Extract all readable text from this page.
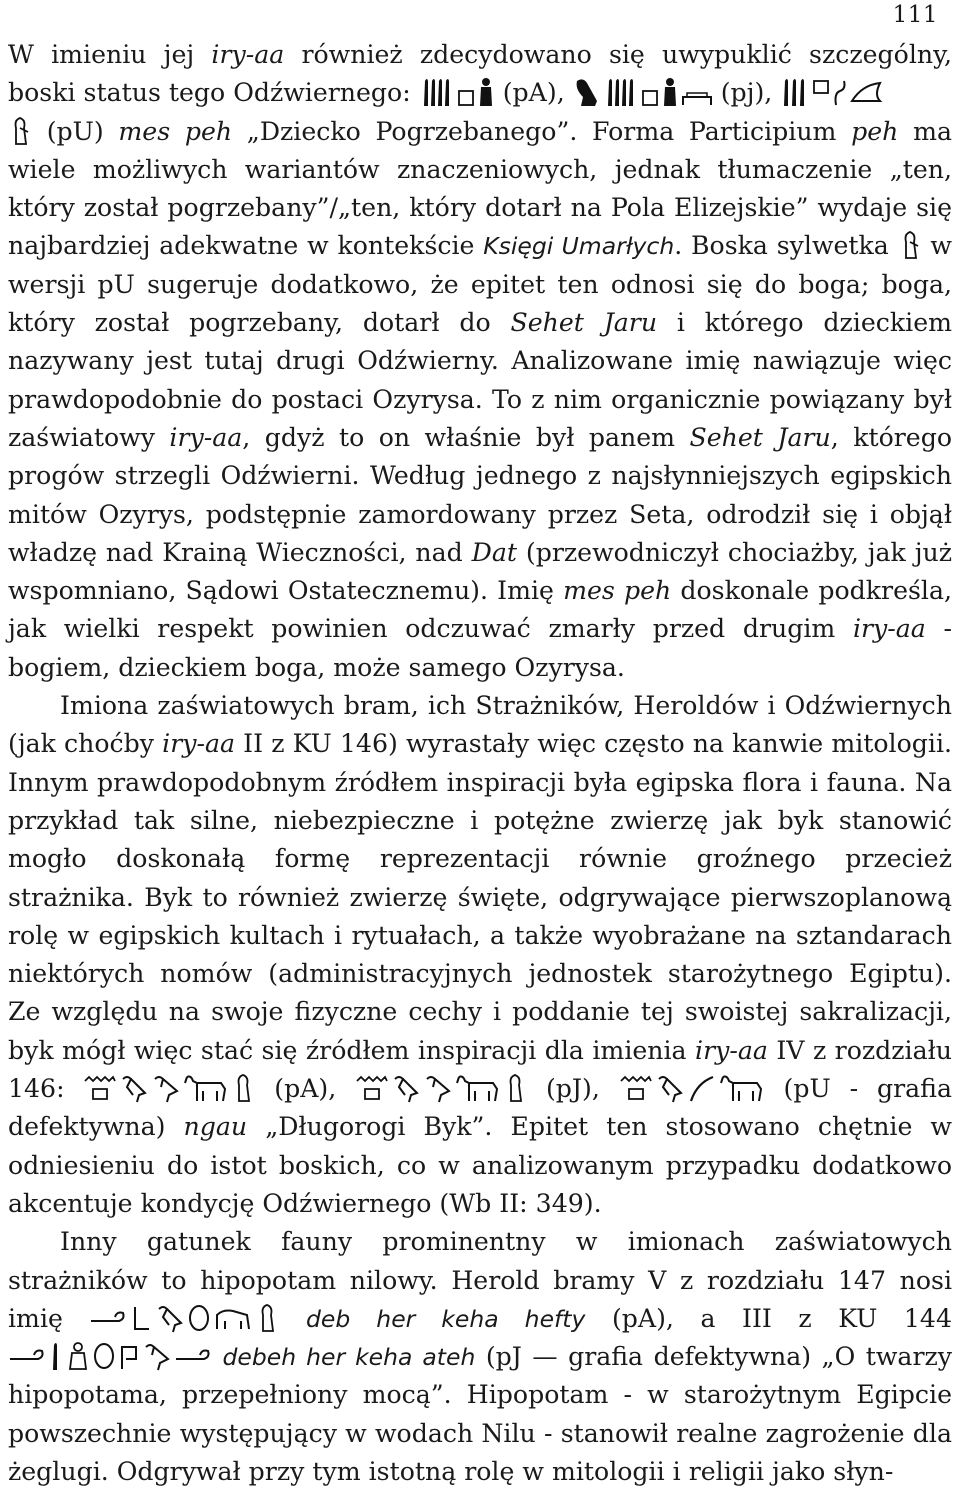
111

W imieniu jej iry-aa również zdecydowano się uwypuklić szczególny, boski status tego Odźwiernego:	(pA),	(pj),

(pU) mes peh „Dziecko Pogrzebanego”. Forma Participium peh ma wiele możliwych wariantów znaczeniowych, jednak tłumaczenie „ten, który został pogrzebany”/„ten, który dotarł na Pola Elizejskie” wydaje się najbardziej adekwatne w kontekście Księgi Umarłych. Boska sylwetka
w wersji pU sugeruje dodatkowo, że epitet ten odnosi się do boga; boga, który został pogrzebany, dotarł do Sehet Jaru i którego dzieckiem nazywany jest tutaj drugi Odźwierny. Analizowane imię nawiązuje więc prawdopodobnie do postaci Ozyrysa. To z nim organicznie powiązany był zaświatowy iry-aa, gdyż to on właśnie był panem Sehet Jaru, którego progów strzegli Odźwierni. Według jednego z najsłynniejszych egipskich mitów Ozyrys, podstępnie zamordowany przez Seta, odrodził się i objął władzę nad Krainą Wieczności, nad Dat (przewodniczył chociażby, jak już wspomniano, Sądowi Ostatecznemu). Imię mes peh doskonale podkreśla, jak wielki respekt powinien odczuwać zmarły przed drugim iry-aa - bogiem, dzieckiem boga, może samego Ozyrysa.

Imiona zaświatowych bram, ich Strażników, Heroldów i Odźwiernych (jak choćby iry-aa II z KU 146) wyrastały więc często na kanwie mitologii. Innym prawdopodobnym źródłem inspiracji była egipska flora i fauna. Na przykład tak silne, niebezpieczne i potężne zwierzę jak byk stanowić mogło doskonałą formę reprezentacji równie groźnego przecież strażnika. Byk to również zwierzę święte, odgrywające pierwszoplanową rolę w egipskich kultach i rytuałach, a także wyobrażane na sztandarach niektórych nomów (administracyjnych jednostek starożytnego Egiptu). Ze względu na swoje fizyczne cechy i poddanie tej swoistej sakralizacji, byk mógł więc stać się źródłem inspiracji dla imienia iry-aa IV z rozdziału 146:	(pA),	(pJ),	(pU - grafia defektywna) ngau „Długorogi Byk”. Epitet ten stosowano chętnie w odniesieniu do istot boskich, co w analizowanym przypadku dodatkowo akcentuje kondycję Odźwiernego (Wb II: 349).

Inny gatunek fauny prominentny w imionach zaświatowych strażników to hipopotam nilowy. Herold bramy V z rozdziału 147 nosi imię	deb her keha hefty (pA), a III z KU 144
debeh her keha ateh (pJ — grafia defektywna) „O twarzy hipopotama, przepełniony mocą”. Hipopotam - w starożytnym Egipcie powszechnie występujący w wodach Nilu - stanowił realne zagrożenie dla żeglugi. Odgrywał przy tym istotną rolę w mitologii i religii jako słyn-
